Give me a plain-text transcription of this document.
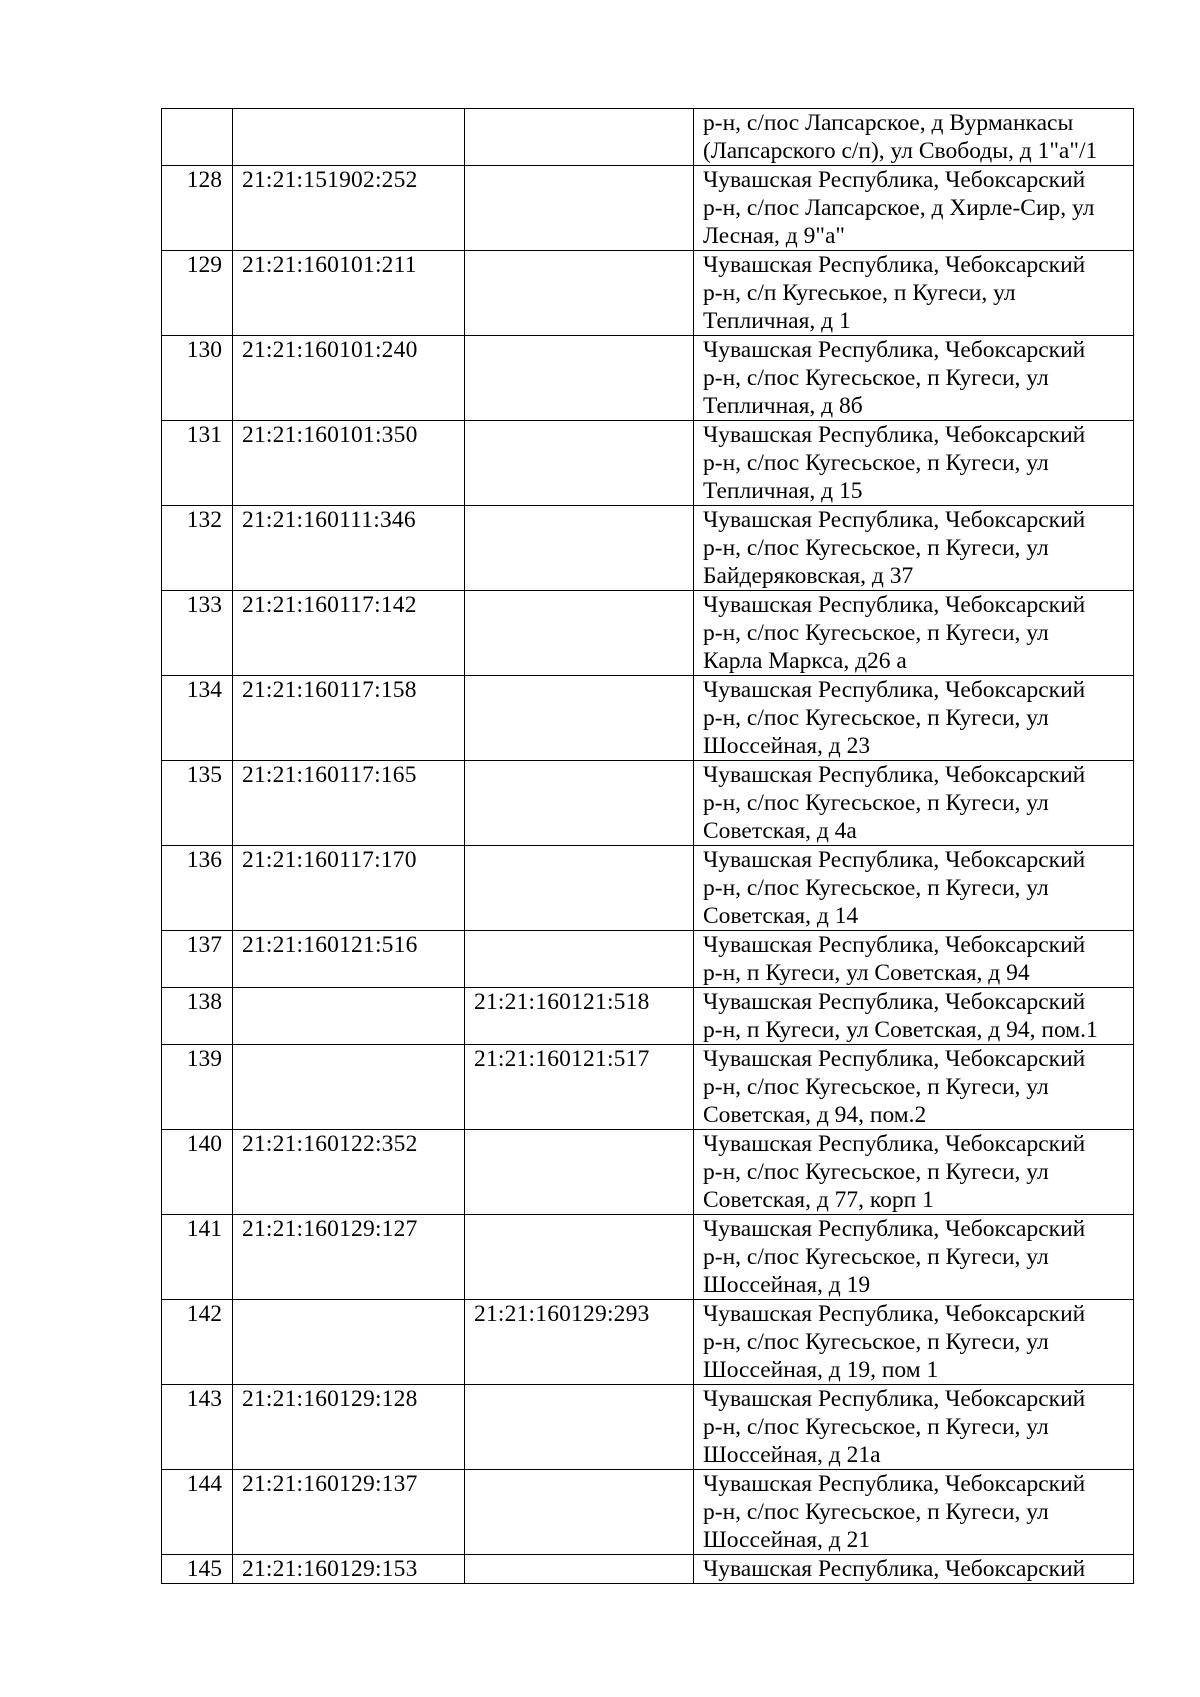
			р-н, с/пос Лапсарское, д Вурманкасы
(Лапсарского с/п), ул Свободы, д 1"а"/1

128	21:21:151902:252		Чувашская Республика, Чебоксарский
р-н, с/пос Лапсарское, д Хирле-Сир, ул
Лесная, д 9"а"

129	21:21:160101:211		Чувашская Республика, Чебоксарский
р-н, с/п Кугеськое, п Кугеси, ул
Тепличная, д 1

130	21:21:160101:240		Чувашская Республика, Чебоксарский
р-н, с/пос Кугесьское, п Кугеси, ул
Тепличная, д 8б

131	21:21:160101:350		Чувашская Республика, Чебоксарский
р-н, с/пос Кугесьское, п Кугеси, ул
Тепличная, д 15

132	21:21:160111:346		Чувашская Республика, Чебоксарский
р-н, с/пос Кугесьское, п Кугеси, ул
Байдеряковская, д 37

133	21:21:160117:142		Чувашская Республика, Чебоксарский
р-н, с/пос Кугесьское, п Кугеси, ул
Карла Маркса, д26 а

134	21:21:160117:158		Чувашская Республика, Чебоксарский
р-н, с/пос Кугесьское, п Кугеси, ул
Шоссейная, д 23

135	21:21:160117:165		Чувашская Республика, Чебоксарский
р-н, с/пос Кугесьское, п Кугеси, ул
Советская, д 4а

136	21:21:160117:170		Чувашская Республика, Чебоксарский
р-н, с/пос Кугесьское, п Кугеси, ул
Советская, д 14

137	21:21:160121:516		Чувашская Республика, Чебоксарский
р-н, п Кугеси, ул Советская, д 94

138		21:21:160121:518	Чувашская Республика, Чебоксарский
р-н, п Кугеси, ул Советская, д 94, пом.1

139		21:21:160121:517	Чувашская Республика, Чебоксарский
р-н, с/пос Кугесьское, п Кугеси, ул
Советская, д 94, пом.2

140	21:21:160122:352		Чувашская Республика, Чебоксарский
р-н, с/пос Кугесьское, п Кугеси, ул
Советская, д 77, корп 1

141	21:21:160129:127		Чувашская Республика, Чебоксарский
р-н, с/пос Кугесьское, п Кугеси, ул
Шоссейная, д 19

142		21:21:160129:293	Чувашская Республика, Чебоксарский
р-н, с/пос Кугесьское, п Кугеси, ул
Шоссейная, д 19, пом 1

143	21:21:160129:128		Чувашская Республика, Чебоксарский
р-н, с/пос Кугесьское, п Кугеси, ул
Шоссейная, д 21а

144	21:21:160129:137		Чувашская Республика, Чебоксарский
р-н, с/пос Кугесьское, п Кугеси, ул
Шоссейная, д 21

145	21:21:160129:153		Чувашская Республика, Чебоксарский
